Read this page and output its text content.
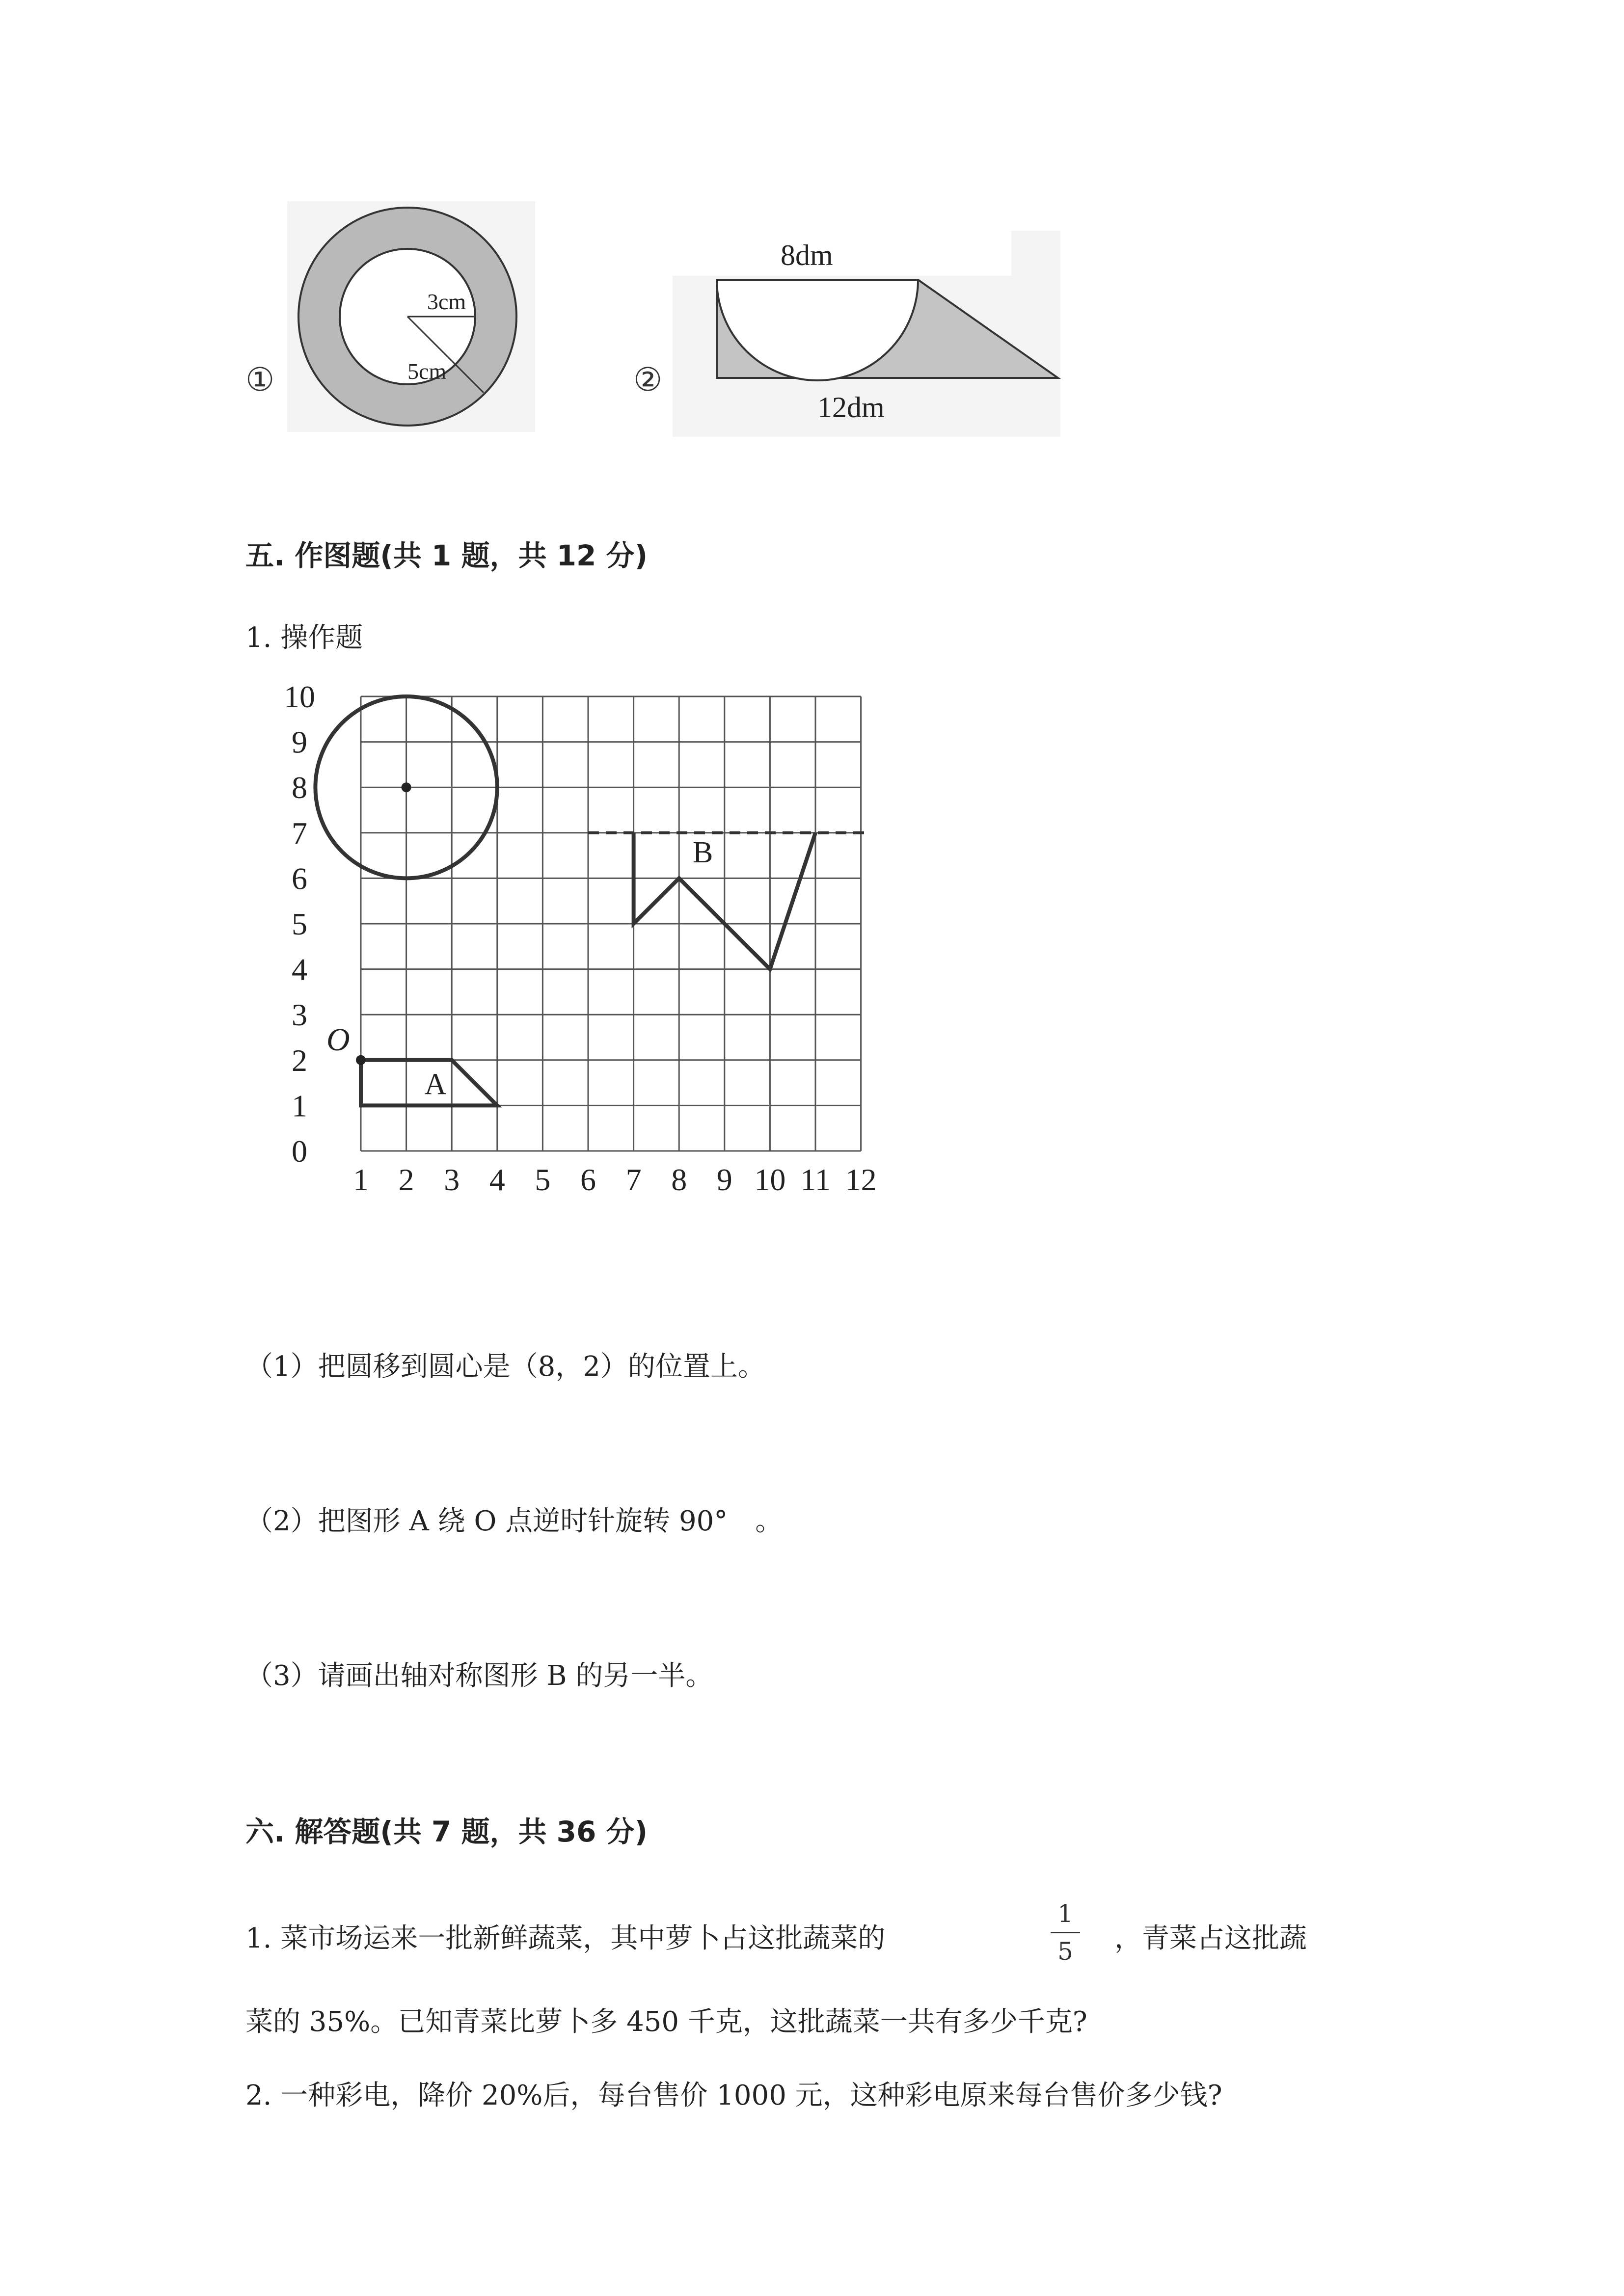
①
3cm
5cm	②
8dm
12dm
五. 作图题(共 1 题，共 12 分)
1. 操作题
1 2 3 4 5 6 7 8 9 10 11 12
0
1
2
3
4
5
6
7
8
9
10
O
A
B
（1）把圆移到圆心是（8，2）的位置上。
（2）把图形 A 绕 O 点逆时针旋转 90°　。
（3）请画出轴对称图形 B 的另一半。
六. 解答题(共 7 题，共 36 分)
1. 菜市场运来一批新鲜蔬菜，其中萝卜占这批蔬菜的
1
5 ，青菜占这批蔬
菜的 35%。已知青菜比萝卜多 450 千克，这批蔬菜一共有多少千克?
2. 一种彩电，降价 20%后，每台售价 1000 元，这种彩电原来每台售价多少钱?
